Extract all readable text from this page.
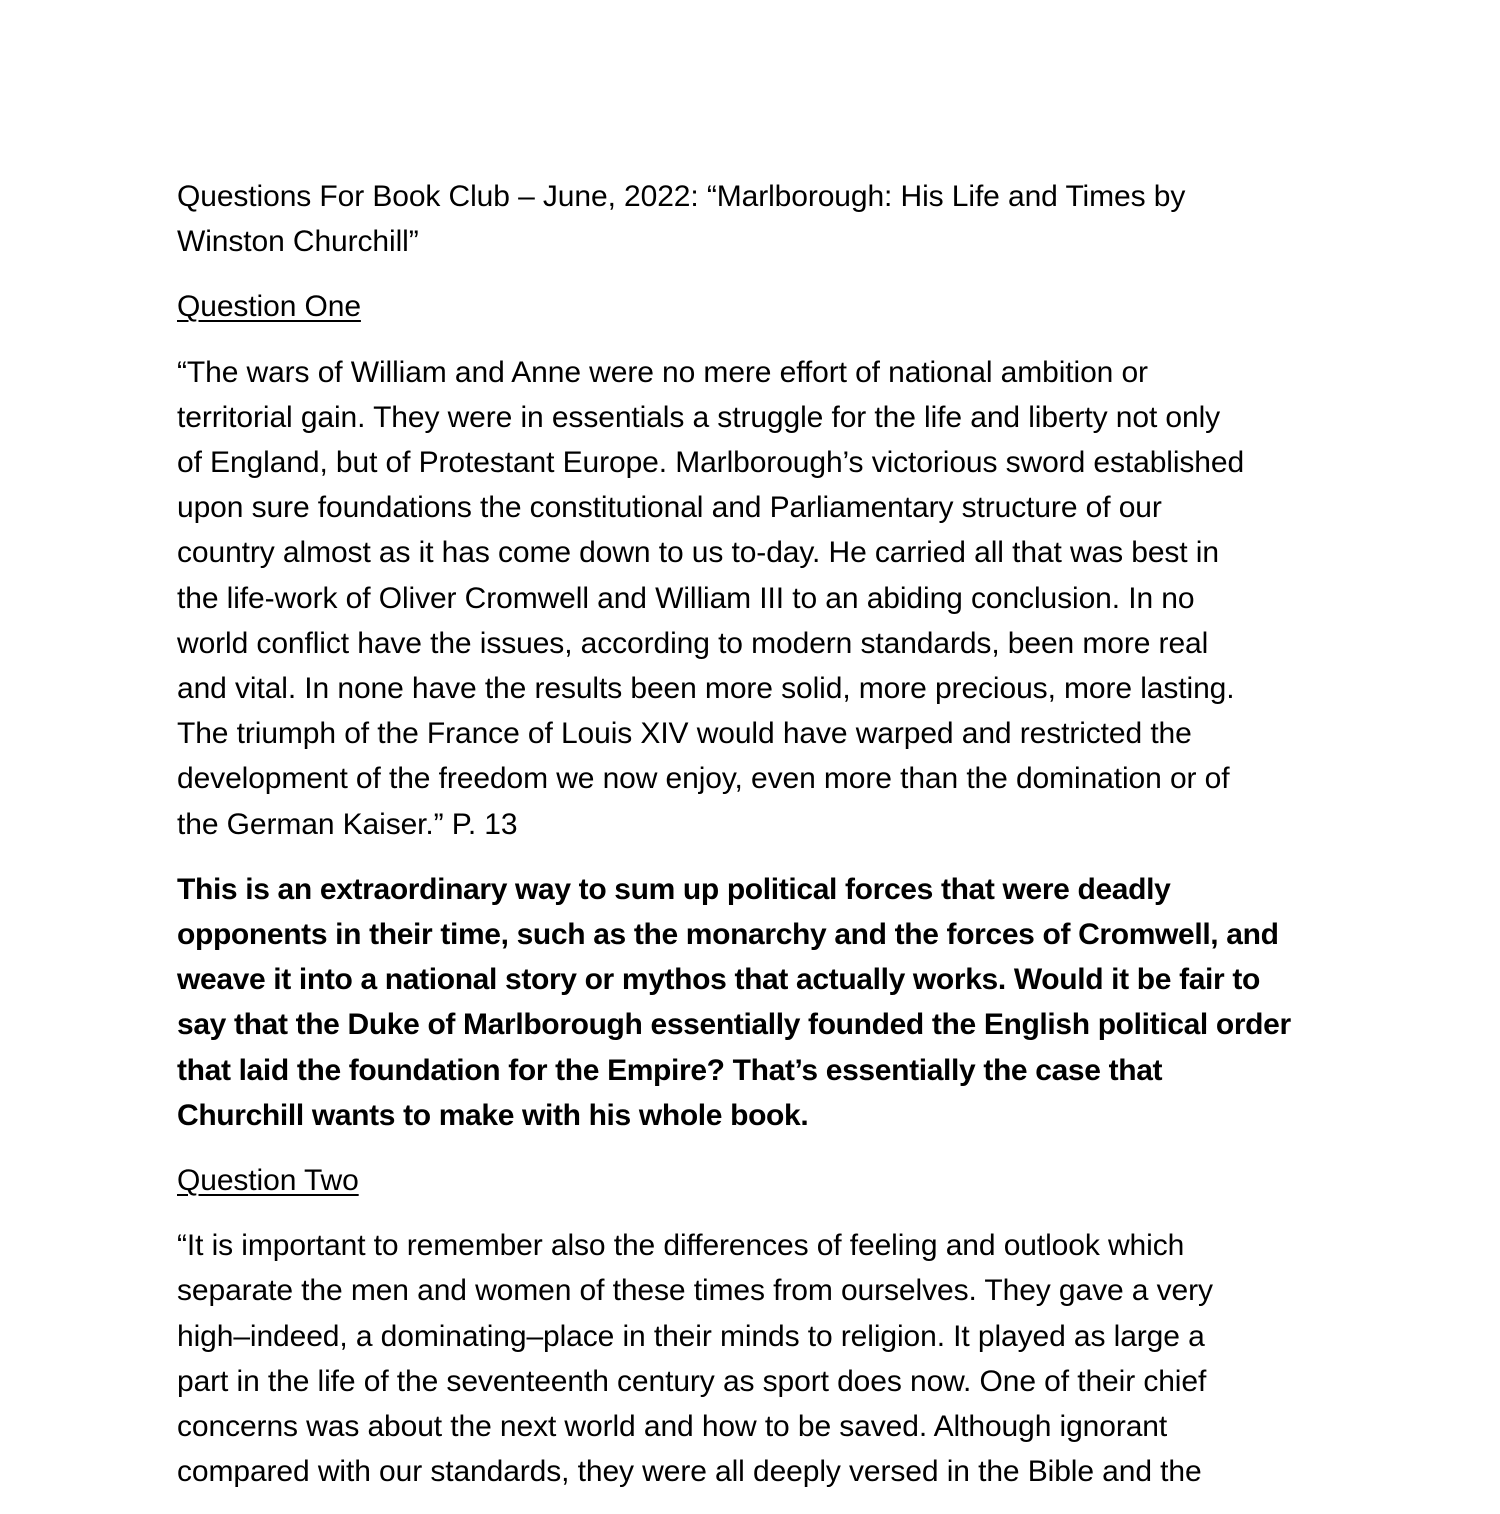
Questions For Book Club – June, 2022: “Marlborough: His Life and Times by
Winston Churchill”
Question One
“The wars of William and Anne were no mere effort of national ambition or
territorial gain. They were in essentials a struggle for the life and liberty not only
of England, but of Protestant Europe. Marlborough’s victorious sword established
upon sure foundations the constitutional and Parliamentary structure of our
country almost as it has come down to us to-day. He carried all that was best in
the life-work of Oliver Cromwell and William III to an abiding conclusion. In no
world conflict have the issues, according to modern standards, been more real
and vital. In none have the results been more solid, more precious, more lasting.
The triumph of the France of Louis XIV would have warped and restricted the
development of the freedom we now enjoy, even more than the domination or of
the German Kaiser.” P. 13
This is an extraordinary way to sum up political forces that were deadly
opponents in their time, such as the monarchy and the forces of Cromwell, and
weave it into a national story or mythos that actually works. Would it be fair to
say that the Duke of Marlborough essentially founded the English political order
that laid the foundation for the Empire? That’s essentially the case that
Churchill wants to make with his whole book.
Question Two
“It is important to remember also the differences of feeling and outlook which
separate the men and women of these times from ourselves. They gave a very
high–indeed, a dominating–place in their minds to religion. It played as large a
part in the life of the seventeenth century as sport does now. One of their chief
concerns was about the next world and how to be saved. Although ignorant
compared with our standards, they were all deeply versed in the Bible and the
